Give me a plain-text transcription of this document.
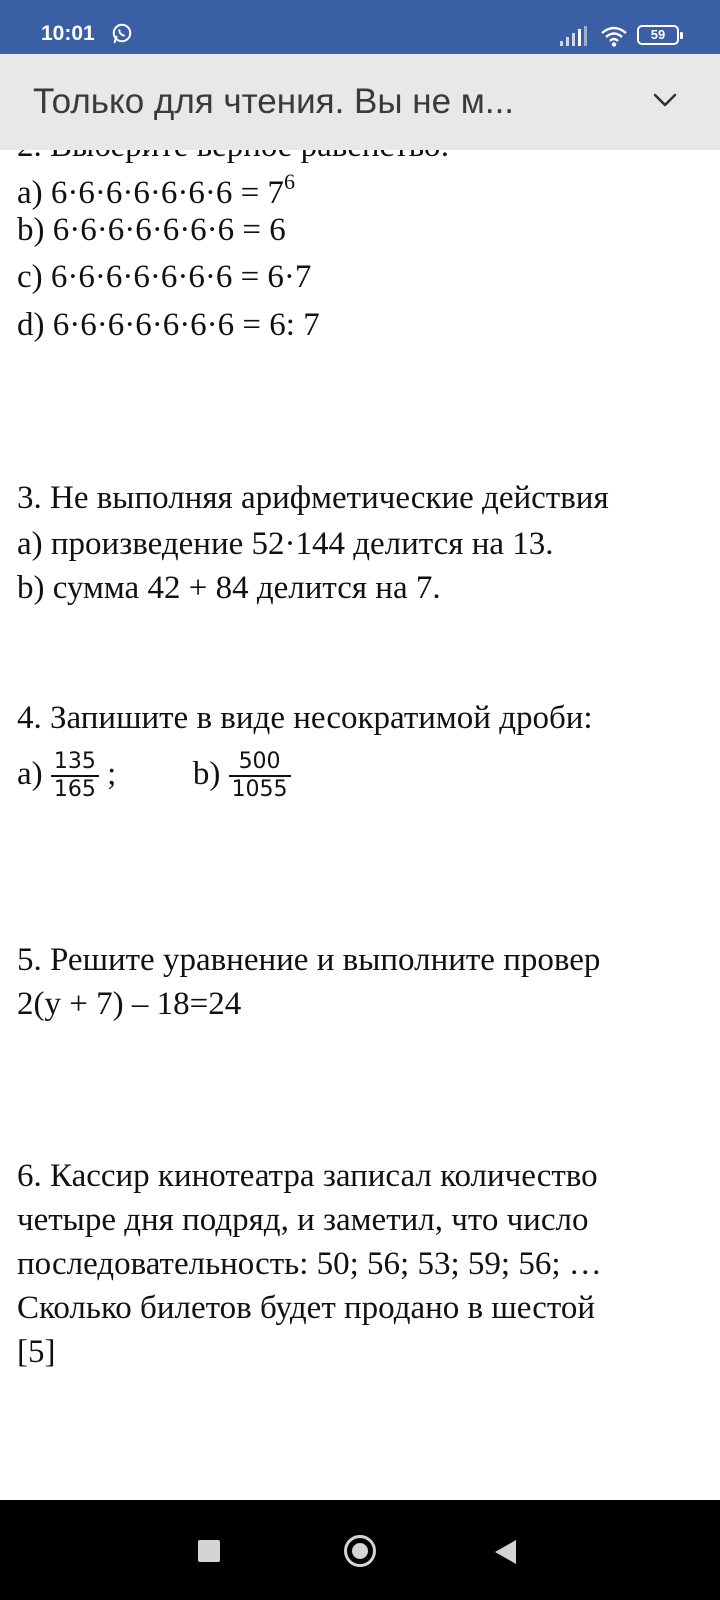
10:01	59
Только для чтения. Вы не м...
a) $6\cdot 6\cdot 6\cdot 6\cdot 6\cdot 6\cdot 6 = 7^6$
b) 6·6·6·6·6·6·6 = 6
c) 6·6·6·6·6·6·6 = 6·7
d) 6·6·6·6·6·6·6 = 6: 7
3. Не выполняя арифметические действия
a) произведение 52·144 делится на 13.
b) сумма 42 + 84 делится на 7.
4. Запишите в виде несократимой дроби:
$a) \frac{135}{165}$ ; $b) \frac{500}{1055}$
5. Решите уравнение и выполните провер
2(y + 7) – 18=24
6. Кассир кинотеатра записал количество
четыре дня подряд, и заметил, что число
последовательность: 50; 56; 53; 59; 56; …
Сколько билетов будет продано в шестой
[5]
